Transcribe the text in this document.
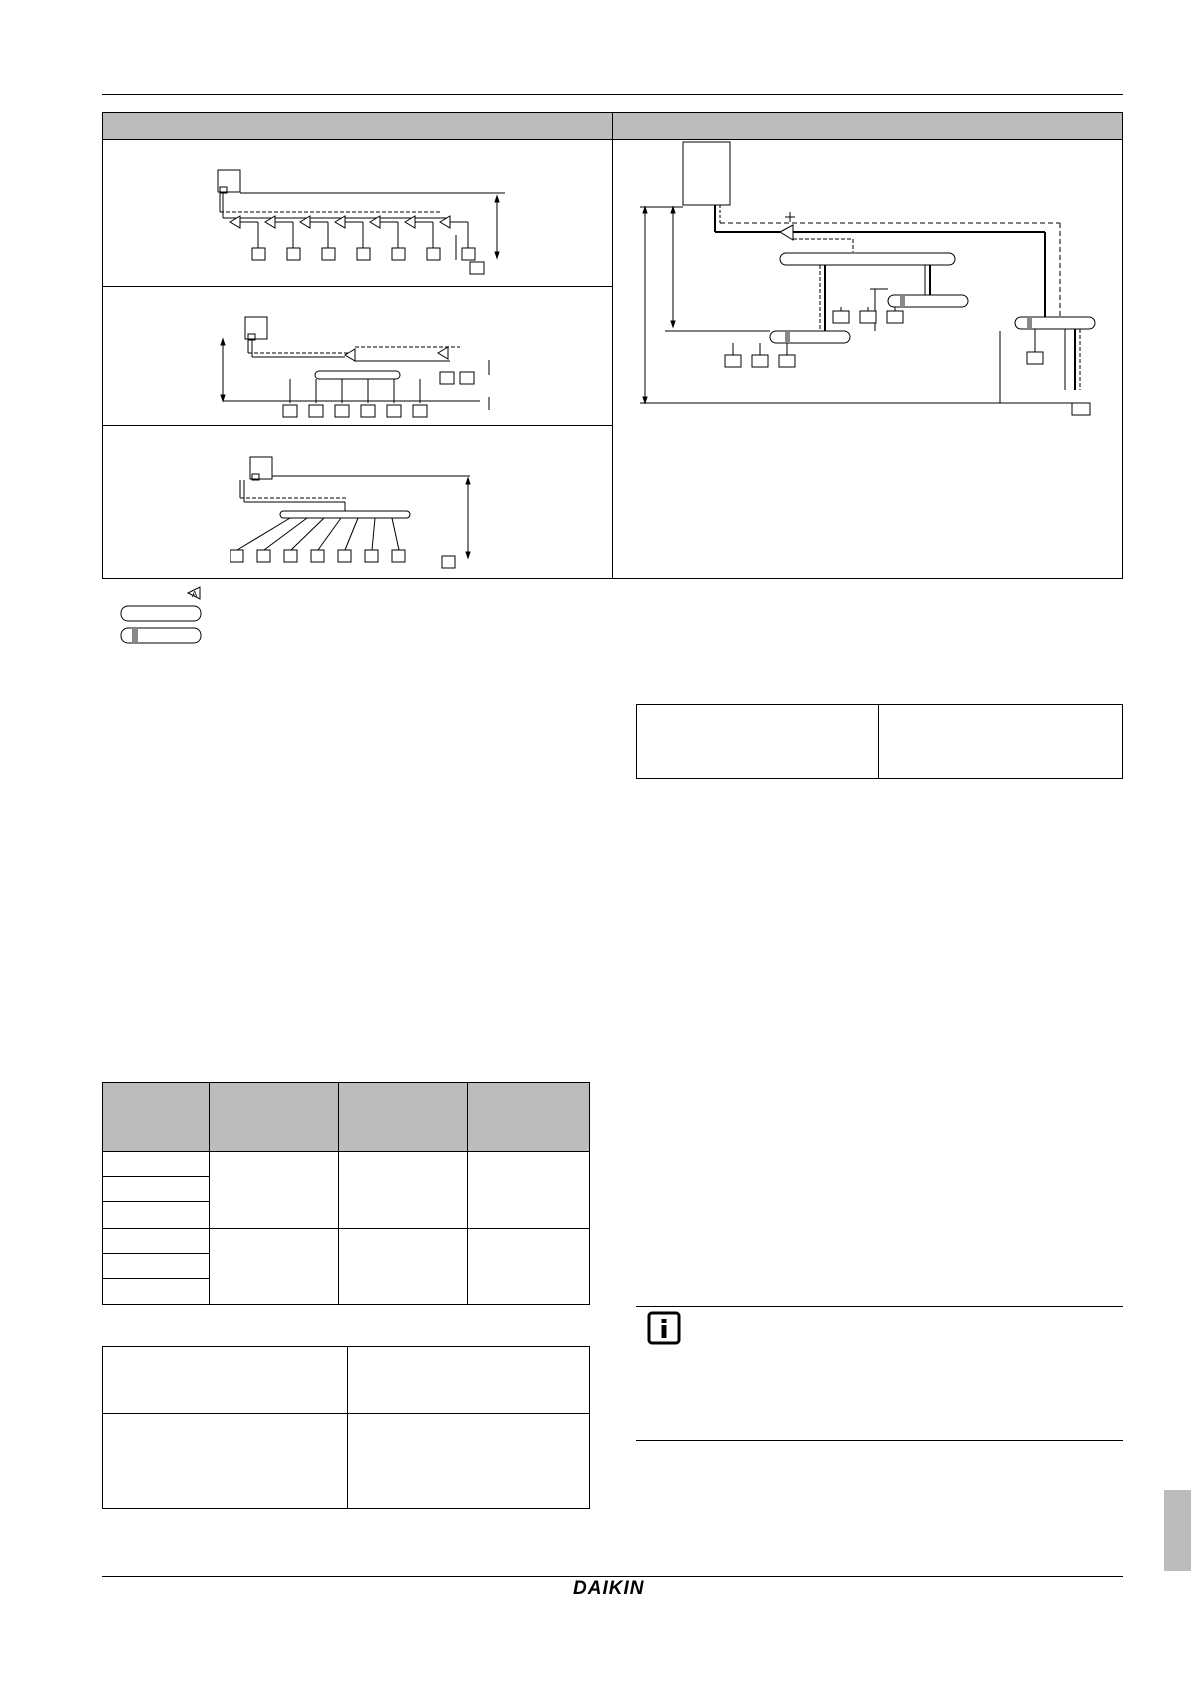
A
DAIKIN
